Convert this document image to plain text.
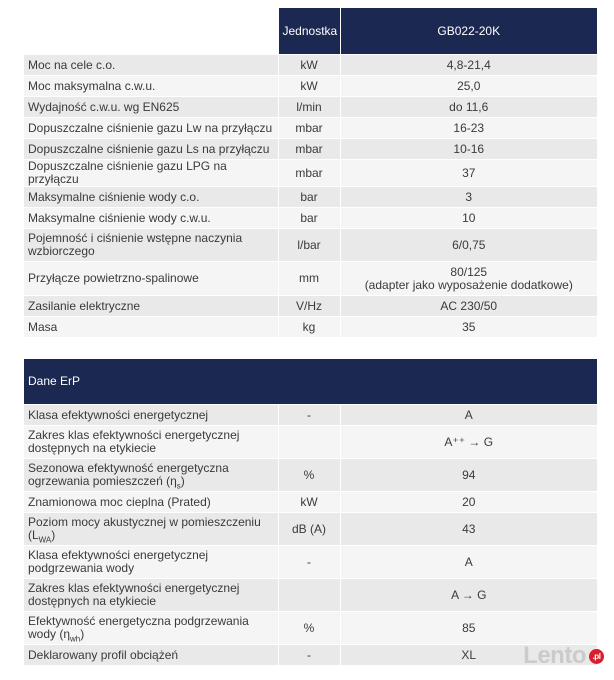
	Jednostka	GB022-20K
Moc na cele c.o.	kW	4,8-21,4

Moc maksymalna c.w.u.	kW	25,0

Wydajność c.w.u. wg EN625	l/min	do 11,6

Dopuszczalne ciśnienie gazu Lw na przyłączu	mbar	16-23

Dopuszczalne ciśnienie gazu Ls na przyłączu	mbar	10-16

Dopuszczalne ciśnienie gazu LPG na przyłączu	mbar	37

Maksymalne ciśnienie wody c.o.	bar	3

Maksymalne ciśnienie wody c.w.u.	bar	10

Pojemność i ciśnienie wstępne naczynia wzbiorczego	l/bar	6/0,75

Przyłącze powietrzno-spalinowe	mm	80/125
(adapter jako wyposażenie dodatkowe)

Zasilanie elektryczne	V/Hz	AC 230/50

Masa	kg	35
Dane ErP		
Klasa efektywności energetycznej	-	A

Zakres klas efektywności energetycznej dostępnych na etykiecie		A⁺⁺ → G

Sezonowa efektywność energetyczna ogrzewania pomieszczeń $(\eta_s)$	%	94

Znamionowa moc cieplna (Prated)	kW	20

Poziom mocy akustycznej w pomieszczeniu $(L_{WA})$	dB (A)	43

Klasa efektywności energetycznej podgrzewania wody	-	A

Zakres klas efektywności energetycznej dostępnych na etykiecie		A → G

Efektywność energetyczna podgrzewania wody $(\eta_{wh})$	%	85

Deklarowany profil obciążeń	-	XL	Lento .pl
